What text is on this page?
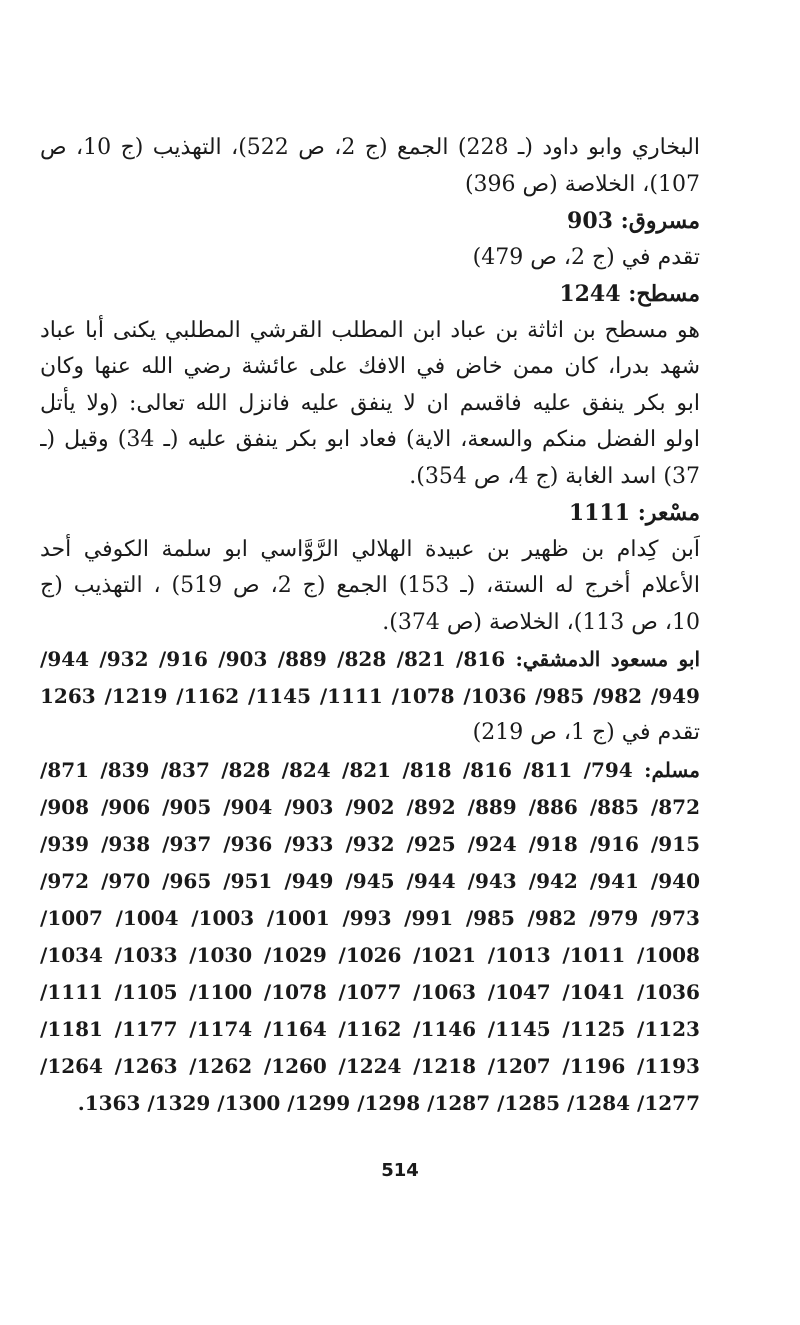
البخاري وابو داود (ـ 228) الجمع (ج 2، ص 522)، التهذيب (ج 10، ص
107)، الخلاصة (ص 396)
مسروق: 903
تقدم في (ج 2، ص 479)
مسطح: 1244
هو مسطح بن اثاثة بن عباد ابن المطلب القرشي المطلبي يكنى أبا عباد
شهد بدرا، كان ممن خاض في الافك على عائشة رضي الله عنها وكان
ابو بكر ينفق عليه فاقسم ان لا ينفق عليه فانزل الله تعالى: (ولا يأتل
اولو الفضل منكم والسعة، الاية) فعاد ابو بكر ينفق عليه (ـ 34) وقيل (ـ
37) اسد الغابة (ج 4، ص 354).
مسْعر: 1111
اَبن كِدام بن ظهير بن عبيدة الهلالي الرَّوَّاسي ابو سلمة الكوفي أحد
الأعلام أخرج له الستة، (ـ 153) الجمع (ج 2، ص 519) ، التهذيب (ج
10، ص 113)، الخلاصة (ص 374).
ابو مسعود الدمشقي: 816/ 821/ 828/ 889/ 903/ 916/ 932/ 944/
949/ 982/ 985/ 1036/ 1078/ 1111/ 1145/ 1162/ 1219/ 1263
تقدم في (ج 1، ص 219)
مسلم: 794/ 811/ 816/ 818/ 821/ 824/ 828/ 837/ 839/ 871/
872/ 885/ 886/ 889/ 892/ 902/ 903/ 904/ 905/ 906/ 908/
915/ 916/ 918/ 924/ 925/ 932/ 933/ 936/ 937/ 938/ 939/
940/ 941/ 942/ 943/ 944/ 945/ 949/ 951/ 965/ 970/ 972/
973/ 979/ 982/ 985/ 991/ 993/ 1001/ 1003/ 1004/ 1007/
1008/ 1011/ 1013/ 1021/ 1026/ 1029/ 1030/ 1033/ 1034/
1036/ 1041/ 1047/ 1063/ 1077/ 1078/ 1100/ 1105/ 1111/
1123/ 1125/ 1145/ 1146/ 1162/ 1164/ 1174/ 1177/ 1181/
1193/ 1196/ 1207/ 1218/ 1224/ 1260/ 1262/ 1263/ 1264/
1277/ 1284/ 1285/ 1287/ 1298/ 1299/ 1300/ 1329/ 1363.
514
